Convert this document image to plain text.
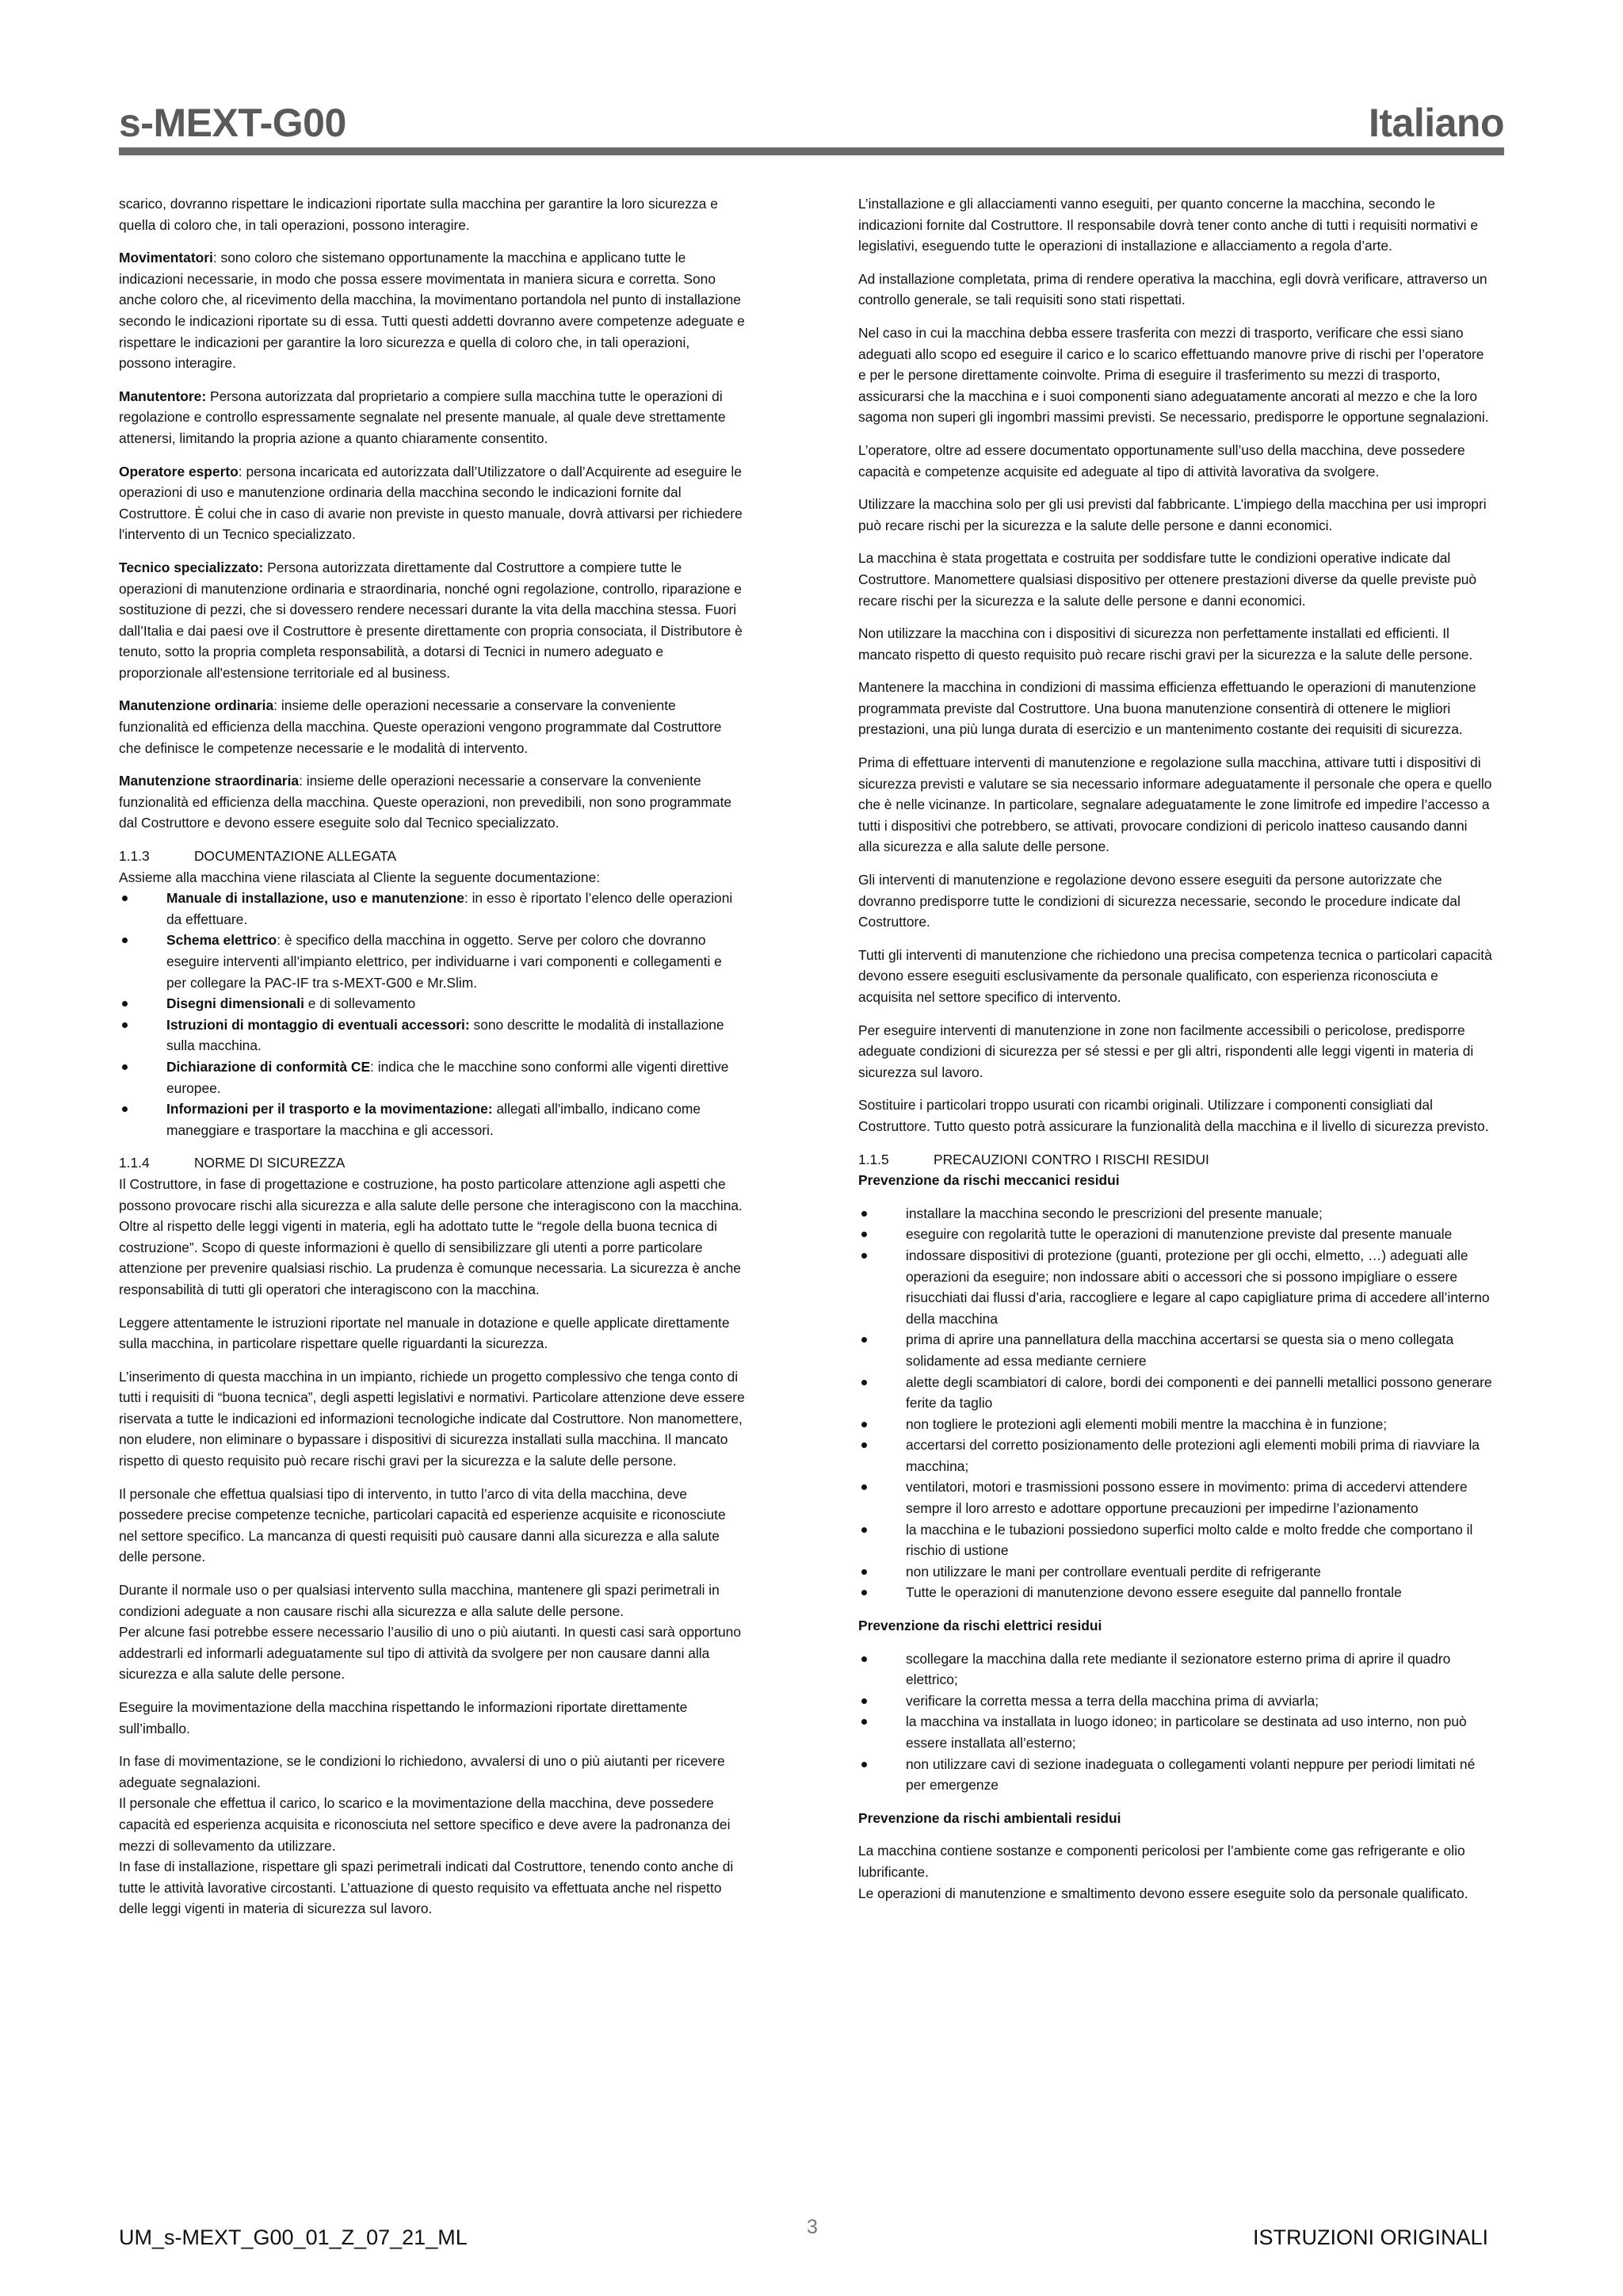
s-MEXT-G00	Italiano

scarico, dovranno rispettare le indicazioni riportate sulla macchina per garantire la loro sicurezza e quella di coloro che, in tali operazioni, possono interagire.

Movimentatori: sono coloro che sistemano opportunamente la macchina e applicano tutte le indicazioni necessarie, in modo che possa essere movimentata in maniera sicura e corretta. Sono anche coloro che, al ricevimento della macchina, la movimentano portandola nel punto di installazione secondo le indicazioni riportate su di essa. Tutti questi addetti dovranno avere competenze adeguate e rispettare le indicazioni per garantire la loro sicurezza e quella di coloro che, in tali operazioni, possono interagire.

Manutentore: Persona autorizzata dal proprietario a compiere sulla macchina tutte le operazioni di regolazione e controllo espressamente segnalate nel presente manuale, al quale deve strettamente attenersi, limitando la propria azione a quanto chiaramente consentito.

Operatore esperto: persona incaricata ed autorizzata dall’Utilizzatore o dall’Acquirente ad eseguire le operazioni di uso e manutenzione ordinaria della macchina secondo le indicazioni fornite dal Costruttore. È colui che in caso di avarie non previste in questo manuale, dovrà attivarsi per richiedere l'intervento di un Tecnico specializzato.

Tecnico specializzato: Persona autorizzata direttamente dal Costruttore a compiere tutte le operazioni di manutenzione ordinaria e straordinaria, nonché ogni regolazione, controllo, riparazione e sostituzione di pezzi, che si dovessero rendere necessari durante la vita della macchina stessa. Fuori dall’Italia e dai paesi ove il Costruttore è presente direttamente con propria consociata, il Distributore è tenuto, sotto la propria completa responsabilità, a dotarsi di Tecnici in numero adeguato e proporzionale all'estensione territoriale ed al business.

Manutenzione ordinaria: insieme delle operazioni necessarie a conservare la conveniente funzionalità ed efficienza della macchina. Queste operazioni vengono programmate dal Costruttore che definisce le competenze necessarie e le modalità di intervento.

Manutenzione straordinaria: insieme delle operazioni necessarie a conservare la conveniente funzionalità ed efficienza della macchina. Queste operazioni, non prevedibili, non sono programmate dal Costruttore e devono essere eseguite solo dal Tecnico specializzato.

1.1.3	DOCUMENTAZIONE ALLEGATA

Assieme alla macchina viene rilasciata al Cliente la seguente documentazione:

Manuale di installazione, uso e manutenzione: in esso è riportato l’elenco delle operazioni da effettuare.
Schema elettrico: è specifico della macchina in oggetto. Serve per coloro che dovranno eseguire interventi all’impianto elettrico, per individuarne i vari componenti e collegamenti e per collegare la PAC-IF tra s-MEXT-G00 e Mr.Slim.
Disegni dimensionali e di sollevamento
Istruzioni di montaggio di eventuali accessori: sono descritte le modalità di installazione sulla macchina.
Dichiarazione di conformità CE: indica che le macchine sono conformi alle vigenti direttive europee.
Informazioni per il trasporto e la movimentazione: allegati all'imballo, indicano come maneggiare e trasportare la macchina e gli accessori.
1.1.4	NORME DI SICUREZZA

Il Costruttore, in fase di progettazione e costruzione, ha posto particolare attenzione agli aspetti che possono provocare rischi alla sicurezza e alla salute delle persone che interagiscono con la macchina. Oltre al rispetto delle leggi vigenti in materia, egli ha adottato tutte le “regole della buona tecnica di costruzione”. Scopo di queste informazioni è quello di sensibilizzare gli utenti a porre particolare attenzione per prevenire qualsiasi rischio. La prudenza è comunque necessaria. La sicurezza è anche responsabilità di tutti gli operatori che interagiscono con la macchina.

Leggere attentamente le istruzioni riportate nel manuale in dotazione e quelle applicate direttamente sulla macchina, in particolare rispettare quelle riguardanti la sicurezza.

L’inserimento di questa macchina in un impianto, richiede un progetto complessivo che tenga conto di tutti i requisiti di “buona tecnica”, degli aspetti legislativi e normativi. Particolare attenzione deve essere riservata a tutte le indicazioni ed informazioni tecnologiche indicate dal Costruttore. Non manomettere, non eludere, non eliminare o bypassare i dispositivi di sicurezza installati sulla macchina. Il mancato rispetto di questo requisito può recare rischi gravi per la sicurezza e la salute delle persone.

Il personale che effettua qualsiasi tipo di intervento, in tutto l’arco di vita della macchina, deve possedere precise competenze tecniche, particolari capacità ed esperienze acquisite e riconosciute nel settore specifico. La mancanza di questi requisiti può causare danni alla sicurezza e alla salute delle persone.

Durante il normale uso o per qualsiasi intervento sulla macchina, mantenere gli spazi perimetrali in condizioni adeguate a non causare rischi alla sicurezza e alla salute delle persone.

Per alcune fasi potrebbe essere necessario l’ausilio di uno o più aiutanti. In questi casi sarà opportuno addestrarli ed informarli adeguatamente sul tipo di attività da svolgere per non causare danni alla sicurezza e alla salute delle persone.

Eseguire la movimentazione della macchina rispettando le informazioni riportate direttamente sull’imballo.

In fase di movimentazione, se le condizioni lo richiedono, avvalersi di uno o più aiutanti per ricevere adeguate segnalazioni.

Il personale che effettua il carico, lo scarico e la movimentazione della macchina, deve possedere capacità ed esperienza acquisita e riconosciuta nel settore specifico e deve avere la padronanza dei mezzi di sollevamento da utilizzare.

In fase di installazione, rispettare gli spazi perimetrali indicati dal Costruttore, tenendo conto anche di tutte le attività lavorative circostanti. L’attuazione di questo requisito va effettuata anche nel rispetto delle leggi vigenti in materia di sicurezza sul lavoro.

L’installazione e gli allacciamenti vanno eseguiti, per quanto concerne la macchina, secondo le indicazioni fornite dal Costruttore. Il responsabile dovrà tener conto anche di tutti i requisiti normativi e legislativi, eseguendo tutte le operazioni di installazione e allacciamento a regola d’arte.

Ad installazione completata, prima di rendere operativa la macchina, egli dovrà verificare, attraverso un controllo generale, se tali requisiti sono stati rispettati.

Nel caso in cui la macchina debba essere trasferita con mezzi di trasporto, verificare che essi siano adeguati allo scopo ed eseguire il carico e lo scarico effettuando manovre prive di rischi per l’operatore e per le persone direttamente coinvolte. Prima di eseguire il trasferimento su mezzi di trasporto, assicurarsi che la macchina e i suoi componenti siano adeguatamente ancorati al mezzo e che la loro sagoma non superi gli ingombri massimi previsti. Se necessario, predisporre le opportune segnalazioni.

L’operatore, oltre ad essere documentato opportunamente sull’uso della macchina, deve possedere capacità e competenze acquisite ed adeguate al tipo di attività lavorativa da svolgere.

Utilizzare la macchina solo per gli usi previsti dal fabbricante. L’impiego della macchina per usi impropri può recare rischi per la sicurezza e la salute delle persone e danni economici.

La macchina è stata progettata e costruita per soddisfare tutte le condizioni operative indicate dal Costruttore. Manomettere qualsiasi dispositivo per ottenere prestazioni diverse da quelle previste può recare rischi per la sicurezza e la salute delle persone e danni economici.

Non utilizzare la macchina con i dispositivi di sicurezza non perfettamente installati ed efficienti. Il mancato rispetto di questo requisito può recare rischi gravi per la sicurezza e la salute delle persone.

Mantenere la macchina in condizioni di massima efficienza effettuando le operazioni di manutenzione programmata previste dal Costruttore. Una buona manutenzione consentirà di ottenere le migliori prestazioni, una più lunga durata di esercizio e un mantenimento costante dei requisiti di sicurezza.

Prima di effettuare interventi di manutenzione e regolazione sulla macchina, attivare tutti i dispositivi di sicurezza previsti e valutare se sia necessario informare adeguatamente il personale che opera e quello che è nelle vicinanze. In particolare, segnalare adeguatamente le zone limitrofe ed impedire l’accesso a tutti i dispositivi che potrebbero, se attivati, provocare condizioni di pericolo inatteso causando danni alla sicurezza e alla salute delle persone.

Gli interventi di manutenzione e regolazione devono essere eseguiti da persone autorizzate che dovranno predisporre tutte le condizioni di sicurezza necessarie, secondo le procedure indicate dal Costruttore.

Tutti gli interventi di manutenzione che richiedono una precisa competenza tecnica o particolari capacità devono essere eseguiti esclusivamente da personale qualificato, con esperienza riconosciuta e acquisita nel settore specifico di intervento.

Per eseguire interventi di manutenzione in zone non facilmente accessibili o pericolose, predisporre adeguate condizioni di sicurezza per sé stessi e per gli altri, rispondenti alle leggi vigenti in materia di sicurezza sul lavoro.

Sostituire i particolari troppo usurati con ricambi originali. Utilizzare i componenti consigliati dal Costruttore. Tutto questo potrà assicurare la funzionalità della macchina e il livello di sicurezza previsto.

1.1.5	PRECAUZIONI CONTRO I RISCHI RESIDUI

Prevenzione da rischi meccanici residui

installare la macchina secondo le prescrizioni del presente manuale;
eseguire con regolarità tutte le operazioni di manutenzione previste dal presente manuale
indossare dispositivi di protezione (guanti, protezione per gli occhi, elmetto, …) adeguati alle operazioni da eseguire; non indossare abiti o accessori che si possono impigliare o essere risucchiati dai flussi d’aria, raccogliere e legare al capo capigliature prima di accedere all’interno della macchina
prima di aprire una pannellatura della macchina accertarsi se questa sia o meno collegata solidamente ad essa mediante cerniere
alette degli scambiatori di calore, bordi dei componenti e dei pannelli metallici possono generare ferite da taglio
non togliere le protezioni agli elementi mobili mentre la macchina è in funzione;
accertarsi del corretto posizionamento delle protezioni agli elementi mobili prima di riavviare la macchina;
ventilatori, motori e trasmissioni possono essere in movimento: prima di accedervi attendere sempre il loro arresto e adottare opportune precauzioni per impedirne l’azionamento
la macchina e le tubazioni possiedono superfici molto calde e molto fredde che comportano il rischio di ustione
non utilizzare le mani per controllare eventuali perdite di refrigerante
Tutte le operazioni di manutenzione devono essere eseguite dal pannello frontale

Prevenzione da rischi elettrici residui

scollegare la macchina dalla rete mediante il sezionatore esterno prima di aprire il quadro elettrico;
verificare la corretta messa a terra della macchina prima di avviarla;
la macchina va installata in luogo idoneo; in particolare se destinata ad uso interno, non può essere installata all’esterno;
non utilizzare cavi di sezione inadeguata o collegamenti volanti neppure per periodi limitati né per emergenze

Prevenzione da rischi ambientali residui

La macchina contiene sostanze e componenti pericolosi per l’ambiente come gas refrigerante e olio lubrificante.

Le operazioni di manutenzione e smaltimento devono essere eseguite solo da personale qualificato.

UM_s-MEXT_G00_01_Z_07_21_ML	3	ISTRUZIONI ORIGINALI
